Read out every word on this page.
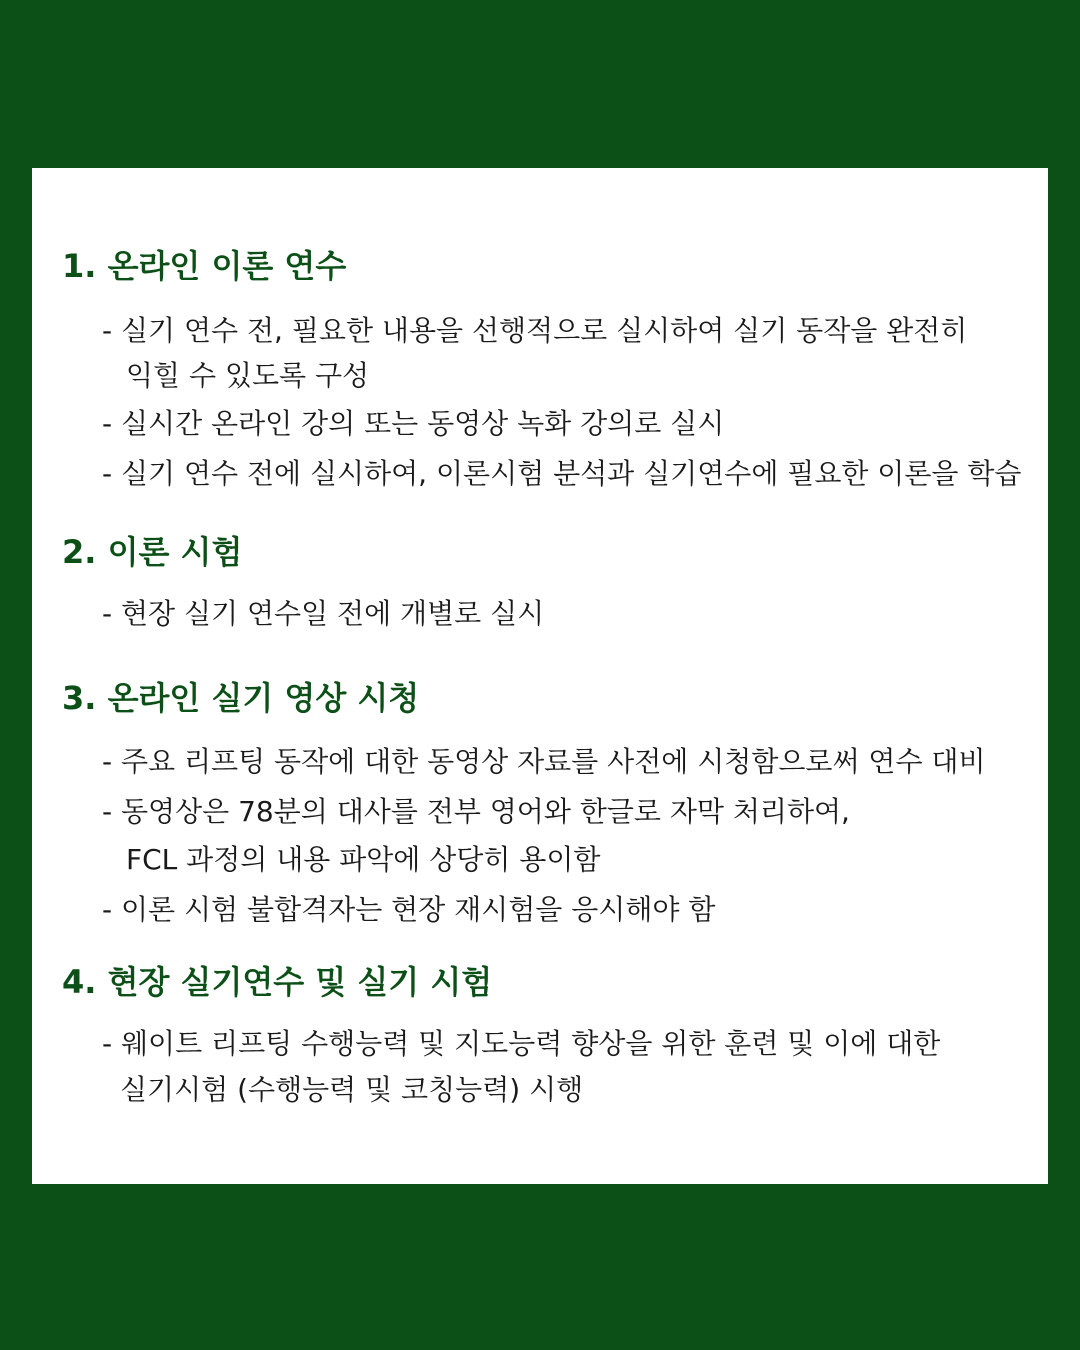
1. 온라인 이론 연수
- 실기 연수 전, 필요한 내용을 선행적으로 실시하여 실기 동작을 완전히
익힐 수 있도록 구성
- 실시간 온라인 강의 또는 동영상 녹화 강의로 실시
- 실기 연수 전에 실시하여, 이론시험 분석과 실기연수에 필요한 이론을 학습
2. 이론 시험
- 현장 실기 연수일 전에 개별로 실시
3. 온라인 실기 영상 시청
- 주요 리프팅 동작에 대한 동영상 자료를 사전에 시청함으로써 연수 대비
- 동영상은 78분의 대사를 전부 영어와 한글로 자막 처리하여,
FCL 과정의 내용 파악에 상당히 용이함
- 이론 시험 불합격자는 현장 재시험을 응시해야 함
4. 현장 실기연수 및 실기 시험
- 웨이트 리프팅 수행능력 및 지도능력 향상을 위한 훈련 및 이에 대한
실기시험 (수행능력 및 코칭능력) 시행
